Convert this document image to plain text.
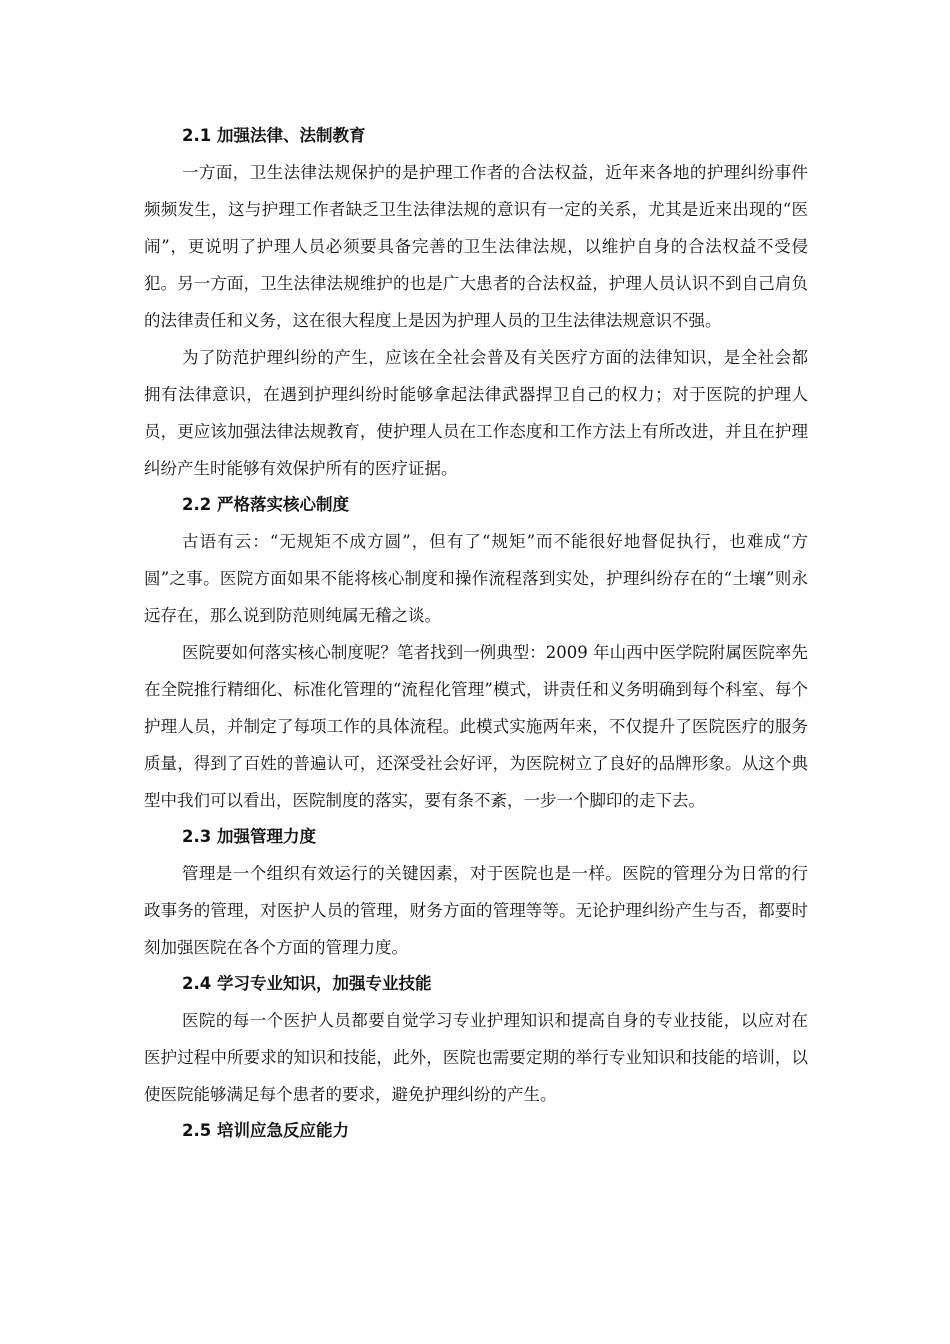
2.1 加强法律、法制教育

一方面，卫生法律法规保护的是护理工作者的合法权益，近年来各地的护理纠纷事件频频发生，这与护理工作者缺乏卫生法律法规的意识有一定的关系，尤其是近来出现的“医闹”，更说明了护理人员必须要具备完善的卫生法律法规，以维护自身的合法权益不受侵犯。另一方面，卫生法律法规维护的也是广大患者的合法权益，护理人员认识不到自己肩负的法律责任和义务，这在很大程度上是因为护理人员的卫生法律法规意识不强。

为了防范护理纠纷的产生，应该在全社会普及有关医疗方面的法律知识，是全社会都拥有法律意识，在遇到护理纠纷时能够拿起法律武器捍卫自己的权力；对于医院的护理人员，更应该加强法律法规教育，使护理人员在工作态度和工作方法上有所改进，并且在护理纠纷产生时能够有效保护所有的医疗证据。

2.2 严格落实核心制度

古语有云：“无规矩不成方圆”，但有了“规矩”而不能很好地督促执行，也难成“方圆”之事。医院方面如果不能将核心制度和操作流程落到实处，护理纠纷存在的“土壤”则永远存在，那么说到防范则纯属无稽之谈。

医院要如何落实核心制度呢？笔者找到一例典型：2009 年山西中医学院附属医院率先在全院推行精细化、标准化管理的“流程化管理”模式，讲责任和义务明确到每个科室、每个护理人员，并制定了每项工作的具体流程。此模式实施两年来，不仅提升了医院医疗的服务质量，得到了百姓的普遍认可，还深受社会好评，为医院树立了良好的品牌形象。从这个典型中我们可以看出，医院制度的落实，要有条不紊，一步一个脚印的走下去。

2.3 加强管理力度

管理是一个组织有效运行的关键因素，对于医院也是一样。医院的管理分为日常的行政事务的管理，对医护人员的管理，财务方面的管理等等。无论护理纠纷产生与否，都要时刻加强医院在各个方面的管理力度。

2.4 学习专业知识，加强专业技能

医院的每一个医护人员都要自觉学习专业护理知识和提高自身的专业技能，以应对在医护过程中所要求的知识和技能，此外，医院也需要定期的举行专业知识和技能的培训，以使医院能够满足每个患者的要求，避免护理纠纷的产生。

2.5 培训应急反应能力
